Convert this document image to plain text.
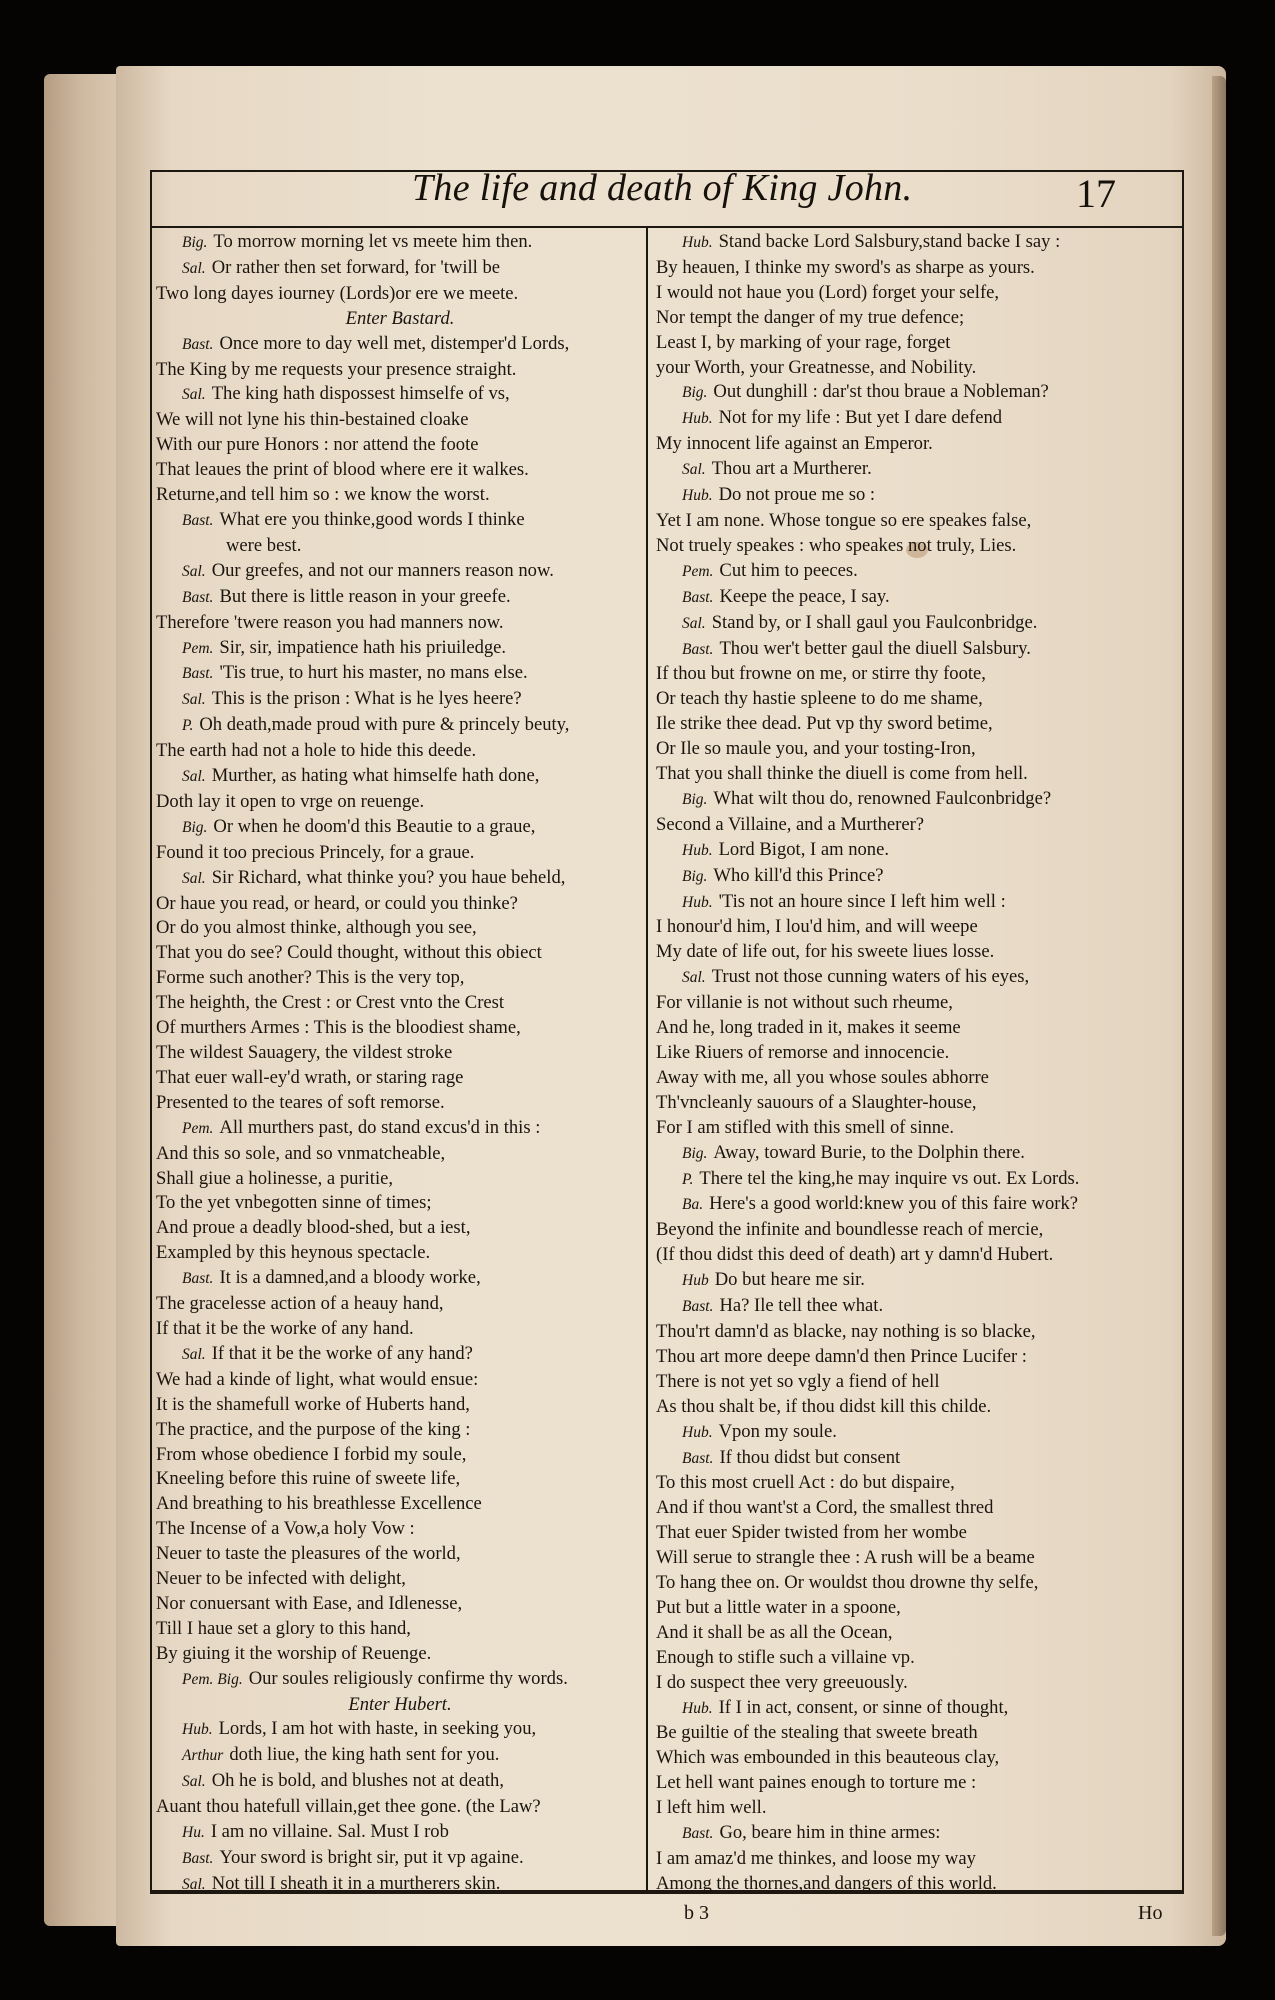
The life and death of King John.	17
Big. To morrow morning let vs meete him then.
Sal. Or rather then set forward, for 'twill be
Two long dayes iourney (Lords)or ere we meete.
Enter Bastard.
Bast. Once more to day well met, distemper'd Lords,
The King by me requests your presence straight.
Sal. The king hath dispossest himselfe of vs,
We will not lyne his thin-bestained cloake
With our pure Honors : nor attend the foote
That leaues the print of blood where ere it walkes.
Returne,and tell him so : we know the worst.
Bast. What ere you thinke,good words I thinke
were best.
Sal. Our greefes, and not our manners reason now.
Bast. But there is little reason in your greefe.
Therefore 'twere reason you had manners now.
Pem. Sir, sir, impatience hath his priuiledge.
Bast. 'Tis true, to hurt his master, no mans else.
Sal. This is the prison : What is he lyes heere?
P. Oh death,made proud with pure & princely beuty,
The earth had not a hole to hide this deede.
Sal. Murther, as hating what himselfe hath done,
Doth lay it open to vrge on reuenge.
Big. Or when he doom'd this Beautie to a graue,
Found it too precious Princely, for a graue.
Sal. Sir Richard, what thinke you? you haue beheld,
Or haue you read, or heard, or could you thinke?
Or do you almost thinke, although you see,
That you do see? Could thought, without this obiect
Forme such another? This is the very top,
The heighth, the Crest : or Crest vnto the Crest
Of murthers Armes : This is the bloodiest shame,
The wildest Sauagery, the vildest stroke
That euer wall-ey'd wrath, or staring rage
Presented to the teares of soft remorse.
Pem. All murthers past, do stand excus'd in this :
And this so sole, and so vnmatcheable,
Shall giue a holinesse, a puritie,
To the yet vnbegotten sinne of times;
And proue a deadly blood-shed, but a iest,
Exampled by this heynous spectacle.
Bast. It is a damned,and a bloody worke,
The gracelesse action of a heauy hand,
If that it be the worke of any hand.
Sal. If that it be the worke of any hand?
We had a kinde of light, what would ensue:
It is the shamefull worke of Huberts hand,
The practice, and the purpose of the king :
From whose obedience I forbid my soule,
Kneeling before this ruine of sweete life,
And breathing to his breathlesse Excellence
The Incense of a Vow,a holy Vow :
Neuer to taste the pleasures of the world,
Neuer to be infected with delight,
Nor conuersant with Ease, and Idlenesse,
Till I haue set a glory to this hand,
By giuing it the worship of Reuenge.
Pem. Big. Our soules religiously confirme thy words.
Enter Hubert.
Hub. Lords, I am hot with haste, in seeking you,
Arthur doth liue, the king hath sent for you.
Sal. Oh he is bold, and blushes not at death,
Auant thou hatefull villain,get thee gone. (the Law?
Hu. I am no villaine. Sal. Must I rob
Bast. Your sword is bright sir, put it vp againe.
Sal. Not till I sheath it in a murtherers skin.
Hub. Stand backe Lord Salsbury,stand backe I say :
By heauen, I thinke my sword's as sharpe as yours.
I would not haue you (Lord) forget your selfe,
Nor tempt the danger of my true defence;
Least I, by marking of your rage, forget
your Worth, your Greatnesse, and Nobility.
Big. Out dunghill : dar'st thou braue a Nobleman?
Hub. Not for my life : But yet I dare defend
My innocent life against an Emperor.
Sal. Thou art a Murtherer.
Hub. Do not proue me so :
Yet I am none. Whose tongue so ere speakes false,
Not truely speakes : who speakes not truly, Lies.
Pem. Cut him to peeces.
Bast. Keepe the peace, I say.
Sal. Stand by, or I shall gaul you Faulconbridge.
Bast. Thou wer't better gaul the diuell Salsbury.
If thou but frowne on me, or stirre thy foote,
Or teach thy hastie spleene to do me shame,
Ile strike thee dead. Put vp thy sword betime,
Or Ile so maule you, and your tosting-Iron,
That you shall thinke the diuell is come from hell.
Big. What wilt thou do, renowned Faulconbridge?
Second a Villaine, and a Murtherer?
Hub. Lord Bigot, I am none.
Big. Who kill'd this Prince?
Hub. 'Tis not an houre since I left him well :
I honour'd him, I lou'd him, and will weepe
My date of life out, for his sweete liues losse.
Sal. Trust not those cunning waters of his eyes,
For villanie is not without such rheume,
And he, long traded in it, makes it seeme
Like Riuers of remorse and innocencie.
Away with me, all you whose soules abhorre
Th'vncleanly sauours of a Slaughter-house,
For I am stifled with this smell of sinne.
Big. Away, toward Burie, to the Dolphin there.
P. There tel the king,he may inquire vs out. Ex Lords.
Ba. Here's a good world:knew you of this faire work?
Beyond the infinite and boundlesse reach of mercie,
(If thou didst this deed of death) art y damn'd Hubert.
Hub Do but heare me sir.
Bast. Ha? Ile tell thee what.
Thou'rt damn'd as blacke, nay nothing is so blacke,
Thou art more deepe damn'd then Prince Lucifer :
There is not yet so vgly a fiend of hell
As thou shalt be, if thou didst kill this childe.
Hub. Vpon my soule.
Bast. If thou didst but consent
To this most cruell Act : do but dispaire,
And if thou want'st a Cord, the smallest thred
That euer Spider twisted from her wombe
Will serue to strangle thee : A rush will be a beame
To hang thee on. Or wouldst thou drowne thy selfe,
Put but a little water in a spoone,
And it shall be as all the Ocean,
Enough to stifle such a villaine vp.
I do suspect thee very greeuously.
Hub. If I in act, consent, or sinne of thought,
Be guiltie of the stealing that sweete breath
Which was embounded in this beauteous clay,
Let hell want paines enough to torture me :
I left him well.
Bast. Go, beare him in thine armes:
I am amaz'd me thinkes, and loose my way
Among the thornes,and dangers of this world.
b 3	Ho
